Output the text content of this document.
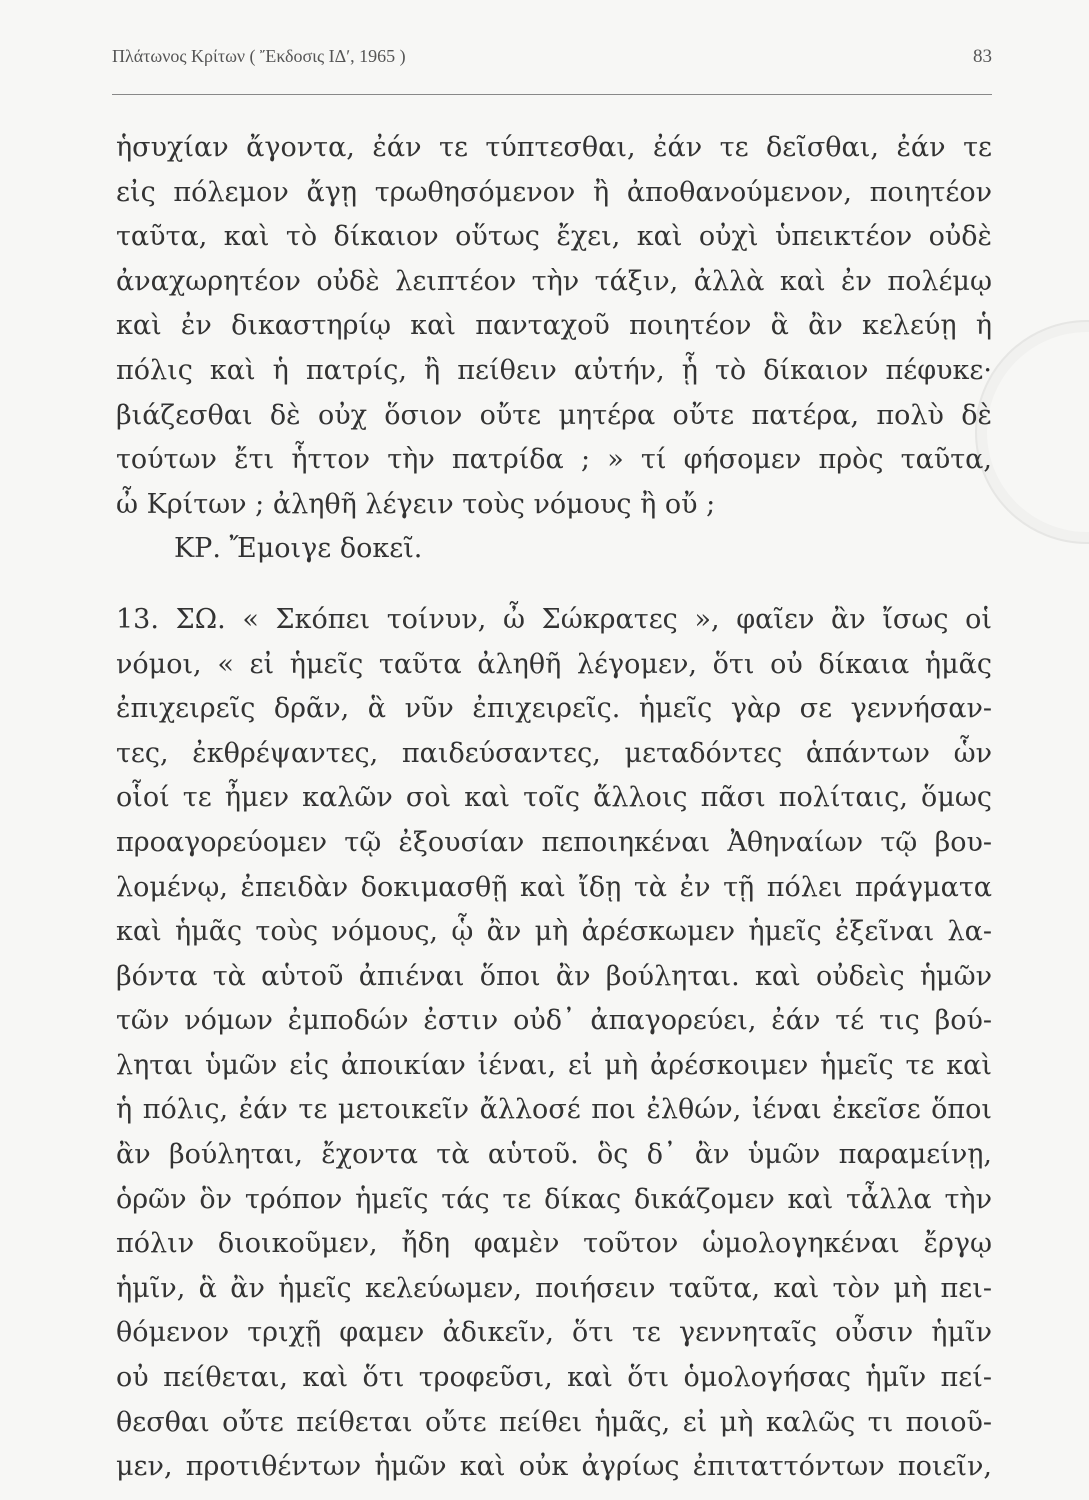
Πλάτωνος Κρίτων ( Ἔκδοσις ΙΔʹ, 1965 )	83
ἡσυχίαν ἄγοντα, ἐάν τε τύπτεσθαι, ἐάν τε δεῖσθαι, ἐάν τε
εἰς πόλεμον ἄγῃ τρωθησόμενον ἢ ἀποθανούμενον, ποιητέον
ταῦτα, καὶ τὸ δίκαιον οὕτως ἔχει, καὶ οὐχὶ ὑπεικτέον οὐδὲ
ἀναχωρητέον οὐδὲ λειπτέον τὴν τάξιν, ἀλλὰ καὶ ἐν πολέμῳ
καὶ ἐν δικαστηρίῳ καὶ πανταχοῦ ποιητέον ἃ ἂν κελεύῃ ἡ
πόλις καὶ ἡ πατρίς, ἢ πείθειν αὐτήν, ᾗ τὸ δίκαιον πέφυκε·
βιάζεσθαι δὲ οὐχ ὅσιον οὔτε μητέρα οὔτε πατέρα, πολὺ δὲ
τούτων ἔτι ἧττον τὴν πατρίδα ; » τί φήσομεν πρὸς ταῦτα,
ὦ Κρίτων ; ἀληθῆ λέγειν τοὺς νόμους ἢ οὔ ;
ΚΡ. Ἔμοιγε δοκεῖ.
13. ΣΩ. « Σκόπει τοίνυν, ὦ Σώκρατες », φαῖεν ἂν ἴσως οἱ
νόμοι, « εἰ ἡμεῖς ταῦτα ἀληθῆ λέγομεν, ὅτι οὐ δίκαια ἡμᾶς
ἐπιχειρεῖς δρᾶν, ἃ νῦν ἐπιχειρεῖς. ἡμεῖς γὰρ σε γεννήσαν-
τες, ἐκθρέψαντες, παιδεύσαντες, μεταδόντες ἁπάντων ὧν
οἷοί τε ἦμεν καλῶν σοὶ καὶ τοῖς ἄλλοις πᾶσι πολίταις, ὅμως
προαγορεύομεν τῷ ἐξουσίαν πεποιηκέναι Ἀθηναίων τῷ βου-
λομένῳ, ἐπειδὰν δοκιμασθῇ καὶ ἴδῃ τὰ ἐν τῇ πόλει πράγματα
καὶ ἡμᾶς τοὺς νόμους, ᾧ ἂν μὴ ἀρέσκωμεν ἡμεῖς ἐξεῖναι λα-
βόντα τὰ αὑτοῦ ἀπιέναι ὅποι ἂν βούληται. καὶ οὐδεὶς ἡμῶν
τῶν νόμων ἐμποδών ἐστιν οὐδ᾽ ἀπαγορεύει, ἐάν τέ τις βού-
ληται ὑμῶν εἰς ἀποικίαν ἰέναι, εἰ μὴ ἀρέσκοιμεν ἡμεῖς τε καὶ
ἡ πόλις, ἐάν τε μετοικεῖν ἄλλοσέ ποι ἐλθών, ἰέναι ἐκεῖσε ὅποι
ἂν βούληται, ἔχοντα τὰ αὑτοῦ. ὃς δ᾽ ἂν ὑμῶν παραμείνῃ,
ὁρῶν ὃν τρόπον ἡμεῖς τάς τε δίκας δικάζομεν καὶ τἆλλα τὴν
πόλιν διοικοῦμεν, ἤδη φαμὲν τοῦτον ὡμολογηκέναι ἔργῳ
ἡμῖν, ἃ ἂν ἡμεῖς κελεύωμεν, ποιήσειν ταῦτα, καὶ τὸν μὴ πει-
θόμενον τριχῇ φαμεν ἀδικεῖν, ὅτι τε γεννηταῖς οὖσιν ἡμῖν
οὐ πείθεται, καὶ ὅτι τροφεῦσι, καὶ ὅτι ὁμολογήσας ἡμῖν πεί-
θεσθαι οὔτε πείθεται οὔτε πείθει ἡμᾶς, εἰ μὴ καλῶς τι ποιοῦ-
μεν, προτιθέντων ἡμῶν καὶ οὐκ ἀγρίως ἐπιταττόντων ποιεῖν,
